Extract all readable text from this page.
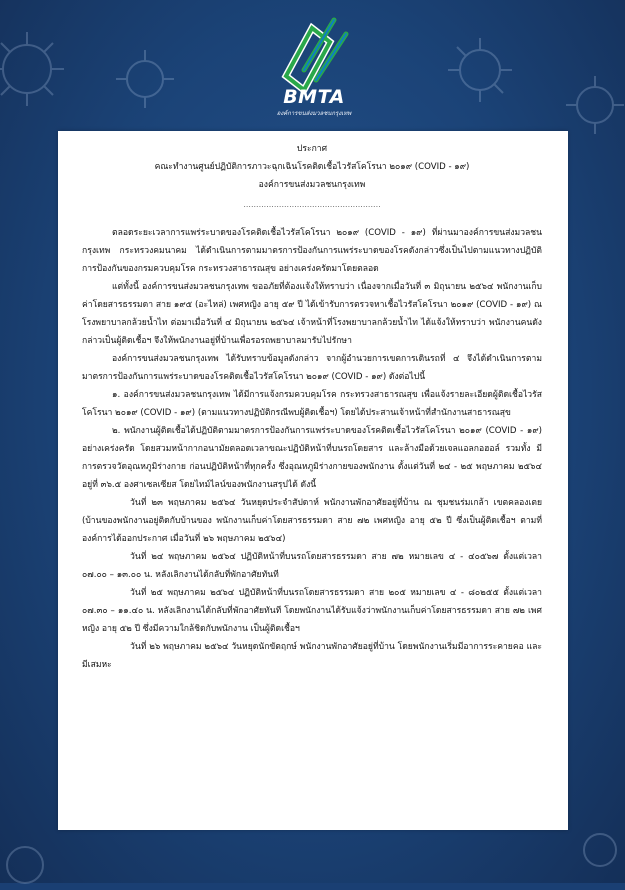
BMTA
องค์การขนส่งมวลชนกรุงเทพ
ประกาศ
คณะทำงานศูนย์ปฏิบัติการภาวะฉุกเฉินโรคติดเชื้อไวรัสโคโรนา ๒๐๑๙ (COVID - ๑๙)
องค์การขนส่งมวลชนกรุงเทพ
......................................................

ตลอดระยะเวลาการแพร่ระบาดของโรคติดเชื้อไวรัสโคโรนา ๒๐๑๙ (COVID - ๑๙) ที่ผ่านมาองค์การขนส่งมวลชนกรุงเทพ กระทรวงคมนาคม ได้ดำเนินการตามมาตรการป้องกันการแพร่ระบาดของโรคดังกล่าวซึ่งเป็นไปตามแนวทางปฏิบัติการป้องกันของกรมควบคุมโรค กระทรวงสาธารณสุข อย่างเคร่งครัดมาโดยตลอด

แต่ทั้งนี้ องค์การขนส่งมวลชนกรุงเทพ ขออภัยที่ต้องแจ้งให้ทราบว่า เนื่องจากเมื่อวันที่ ๓ มิถุนายน ๒๕๖๔ พนักงานเก็บค่าโดยสารธรรมดา สาย ๑๙๕ (อะไหล่) เพศหญิง อายุ ๕๙ ปี ได้เข้ารับการตรวจหาเชื้อไวรัสโคโรนา ๒๐๑๙ (COVID - ๑๙) ณ โรงพยาบาลกล้วยน้ำไท ต่อมาเมื่อวันที่ ๔ มิถุนายน ๒๕๖๔ เจ้าหน้าที่โรงพยาบาลกล้วยน้ำไท ได้แจ้งให้ทราบว่า พนักงานคนดังกล่าวเป็นผู้ติดเชื้อฯ จึงให้พนักงานอยู่ที่บ้านเพื่อรอรถพยาบาลมารับไปรักษา

องค์การขนส่งมวลชนกรุงเทพ ได้รับทราบข้อมูลดังกล่าว จากผู้อำนวยการเขตการเดินรถที่ ๔ จึงได้ดำเนินการตามมาตรการป้องกันการแพร่ระบาดของโรคติดเชื้อไวรัสโคโรนา ๒๐๑๙ (COVID - ๑๙) ดังต่อไปนี้

๑. องค์การขนส่งมวลชนกรุงเทพ ได้มีการแจ้งกรมควบคุมโรค กระทรวงสาธารณสุข เพื่อแจ้งรายละเอียดผู้ติดเชื้อไวรัสโคโรนา ๒๐๑๙ (COVID - ๑๙) (ตามแนวทางปฏิบัติกรณีพบผู้ติดเชื้อฯ) โดยได้ประสานเจ้าหน้าที่สำนักงานสาธารณสุข

๒. พนักงานผู้ติดเชื้อได้ปฏิบัติตามมาตรการป้องกันการแพร่ระบาดของโรคติดเชื้อไวรัสโคโรนา ๒๐๑๙ (COVID - ๑๙) อย่างเคร่งครัด โดยสวมหน้ากากอนามัยตลอดเวลาขณะปฏิบัติหน้าที่บนรถโดยสาร และล้างมือด้วยเจลแอลกอฮอล์ รวมทั้ง มีการตรวจวัดอุณหภูมิร่างกาย ก่อนปฏิบัติหน้าที่ทุกครั้ง ซึ่งอุณหภูมิร่างกายของพนักงาน ตั้งแต่วันที่ ๒๔ - ๒๕ พฤษภาคม ๒๕๖๔ อยู่ที่ ๓๖.๕ องศาเซลเซียส โดยไทม์ไลน์ของพนักงานสรุปได้ ดังนี้

วันที่ ๒๓ พฤษภาคม ๒๕๖๔ วันหยุดประจำสัปดาห์ พนักงานพักอาศัยอยู่ที่บ้าน ณ ชุมชนร่มเกล้า เขตคลองเตย (บ้านของพนักงานอยู่ติดกับบ้านของ พนักงานเก็บค่าโดยสารธรรมดา สาย ๗๒ เพศหญิง อายุ ๕๒ ปี ซึ่งเป็นผู้ติดเชื้อฯ ตามที่องค์การได้ออกประกาศ เมื่อวันที่ ๒๖ พฤษภาคม ๒๕๖๔)

วันที่ ๒๔ พฤษภาคม ๒๕๖๔ ปฏิบัติหน้าที่บนรถโดยสารธรรมดา สาย ๗๒ หมายเลข ๔ - ๔๐๕๖๗ ตั้งแต่เวลา ๐๗.๐๐ – ๑๓.๐๐ น. หลังเลิกงานได้กลับที่พักอาศัยทันที

วันที่ ๒๕ พฤษภาคม ๒๕๖๔ ปฏิบัติหน้าที่บนรถโดยสารธรรมดา สาย ๒๐๕ หมายเลข ๔ - ๘๐๒๕๕ ตั้งแต่เวลา ๐๗.๓๐ – ๑๑.๔๐ น. หลังเลิกงานได้กลับที่พักอาศัยทันที โดยพนักงานได้รับแจ้งว่าพนักงานเก็บค่าโดยสารธรรมดา สาย ๗๒ เพศหญิง อายุ ๕๒ ปี ซึ่งมีความใกล้ชิดกับพนักงาน เป็นผู้ติดเชื้อฯ

วันที่ ๒๖ พฤษภาคม ๒๕๖๔ วันหยุดนักขัตฤกษ์ พนักงานพักอาศัยอยู่ที่บ้าน โดยพนักงานเริ่มมีอาการระคายคอ และมีเสมหะ
